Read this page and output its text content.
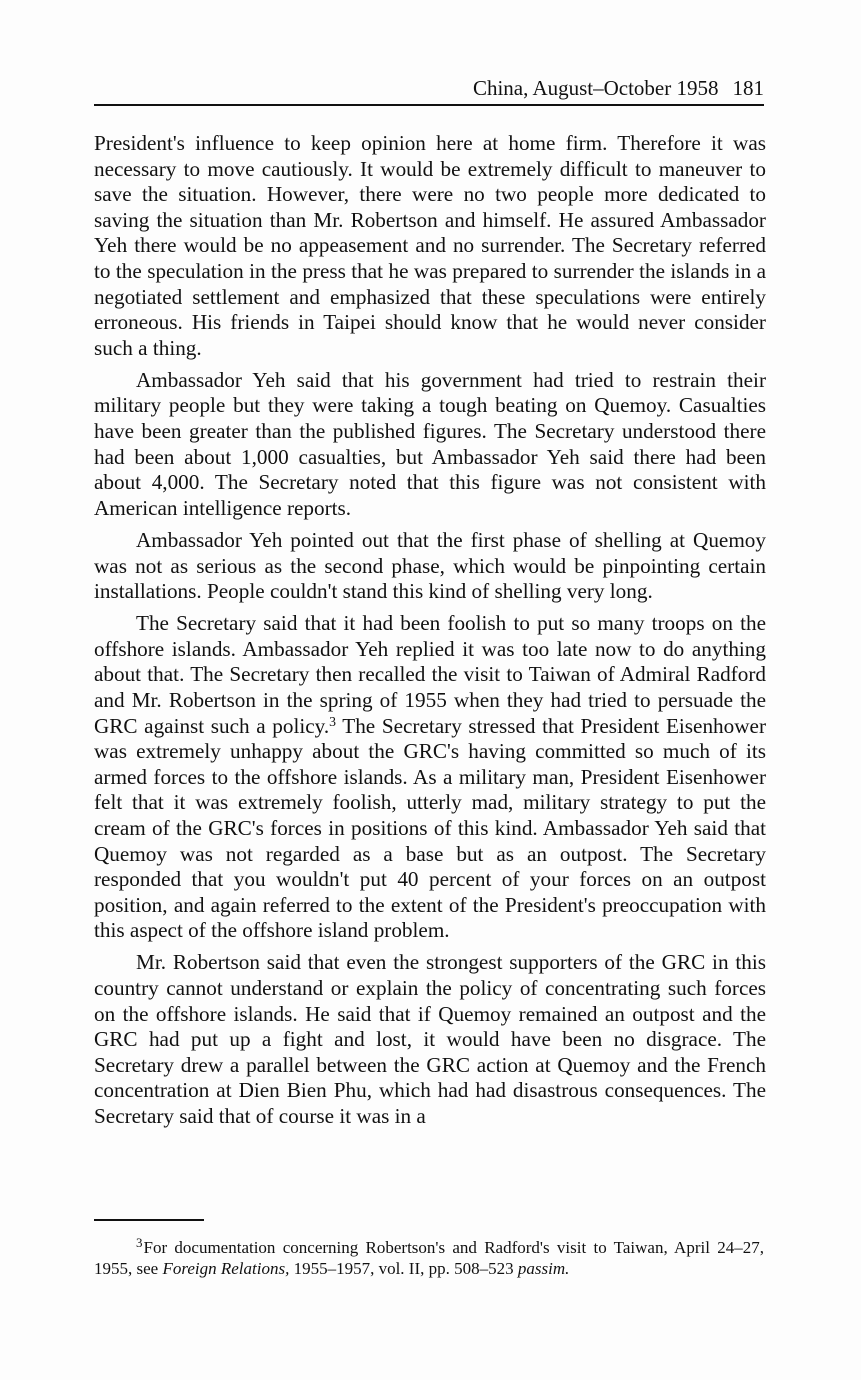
China, August–October 1958 181

President's influence to keep opinion here at home firm. Therefore it was necessary to move cautiously. It would be extremely difficult to maneuver to save the situation. However, there were no two people more dedicated to saving the situation than Mr. Robertson and himself. He assured Ambassador Yeh there would be no appeasement and no surrender. The Secretary referred to the speculation in the press that he was prepared to surrender the islands in a negotiated settlement and emphasized that these speculations were entirely erroneous. His friends in Taipei should know that he would never consider such a thing.

Ambassador Yeh said that his government had tried to restrain their military people but they were taking a tough beating on Quemoy. Casualties have been greater than the published figures. The Secretary understood there had been about 1,000 casualties, but Ambassador Yeh said there had been about 4,000. The Secretary noted that this figure was not consistent with American intelligence reports.

Ambassador Yeh pointed out that the first phase of shelling at Quemoy was not as serious as the second phase, which would be pinpointing certain installations. People couldn't stand this kind of shelling very long.

The Secretary said that it had been foolish to put so many troops on the offshore islands. Ambassador Yeh replied it was too late now to do anything about that. The Secretary then recalled the visit to Taiwan of Admiral Radford and Mr. Robertson in the spring of 1955 when they had tried to persuade the GRC against such a policy.$^3$ The Secretary stressed that President Eisenhower was extremely unhappy about the GRC's having committed so much of its armed forces to the offshore islands. As a military man, President Eisenhower felt that it was extremely foolish, utterly mad, military strategy to put the cream of the GRC's forces in positions of this kind. Ambassador Yeh said that Quemoy was not regarded as a base but as an outpost. The Secretary responded that you wouldn't put 40 percent of your forces on an outpost position, and again referred to the extent of the President's preoccupation with this aspect of the offshore island problem.

Mr. Robertson said that even the strongest supporters of the GRC in this country cannot understand or explain the policy of concentrating such forces on the offshore islands. He said that if Quemoy remained an outpost and the GRC had put up a fight and lost, it would have been no disgrace. The Secretary drew a parallel between the GRC action at Quemoy and the French concentration at Dien Bien Phu, which had had disastrous consequences. The Secretary said that of course it was in a

$^3$For documentation concerning Robertson's and Radford's visit to Taiwan, April 24–27, 1955, see Foreign Relations, 1955–1957, vol. II, pp. 508–523 passim.
